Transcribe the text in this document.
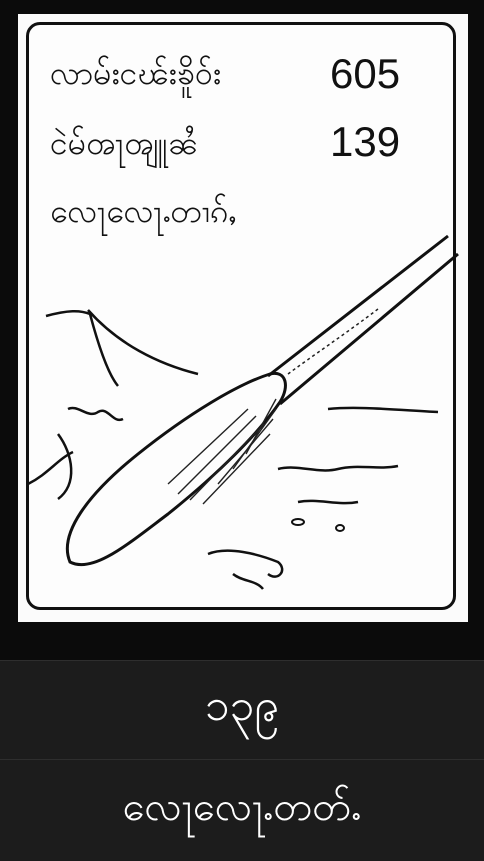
လာမ်းငၽ်းၶိူဝ်း	605
ငဲမ်ၻႃၻျူၼႆ	139
လေႃလေႃႉတၢၵ်ႇ
၁၃၉
လေႃလေႃႉတတ်ႉ
